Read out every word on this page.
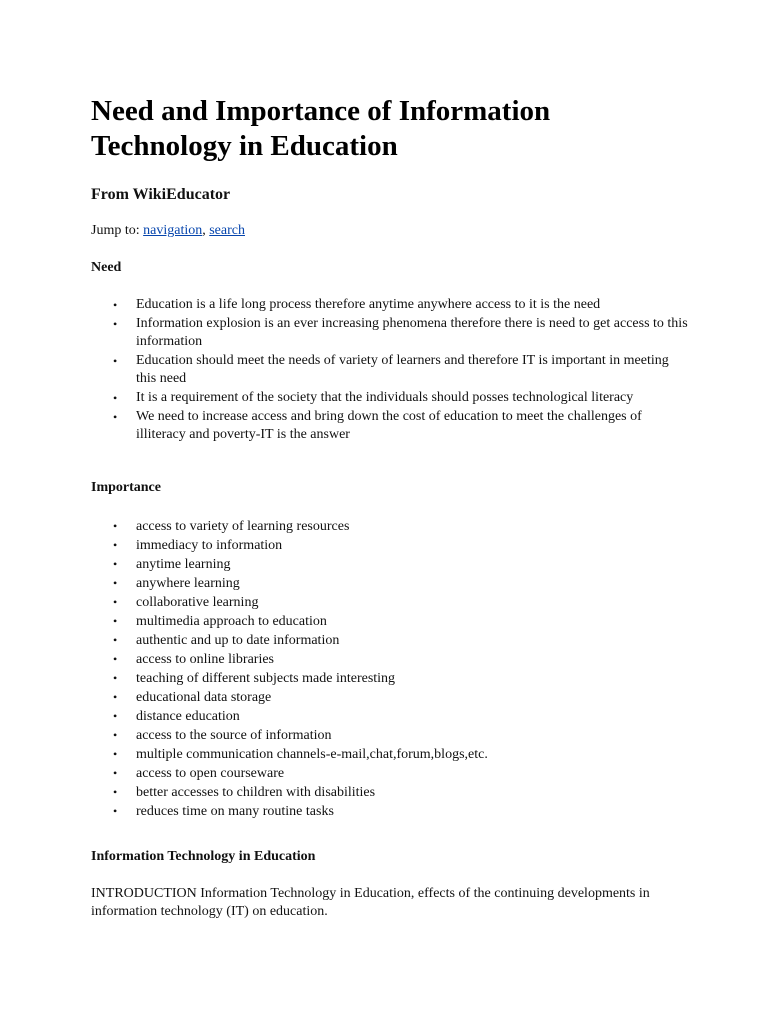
Need and Importance of Information Technology in Education
From WikiEducator
Jump to: navigation, search
Need
• Education is a life long process therefore anytime anywhere access to it is the need
• Information explosion is an ever increasing phenomena therefore there is need to get access to this information
• Education should meet the needs of variety of learners and therefore IT is important in meeting this need
• It is a requirement of the society that the individuals should posses technological literacy
• We need to increase access and bring down the cost of education to meet the challenges of illiteracy and poverty-IT is the answer
Importance
• access to variety of learning resources
• immediacy to information
• anytime learning
• anywhere learning
• collaborative learning
• multimedia approach to education
• authentic and up to date information
• access to online libraries
• teaching of different subjects made interesting
• educational data storage
• distance education
• access to the source of information
• multiple communication channels-e-mail,chat,forum,blogs,etc.
• access to open courseware
• better accesses to children with disabilities
• reduces time on many routine tasks
Information Technology in Education
INTRODUCTION Information Technology in Education, effects of the continuing developments in information technology (IT) on education.
